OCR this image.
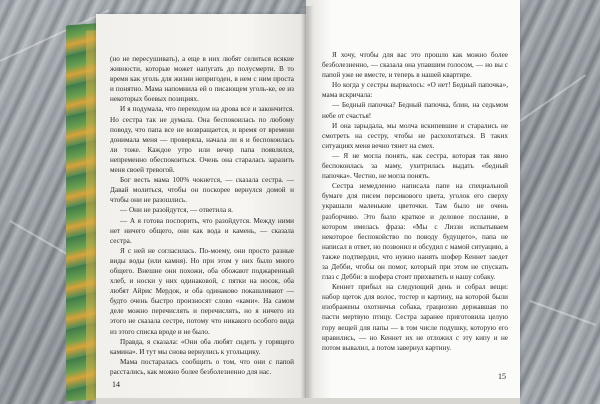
(но не пересушивать), а еще в них любят селиться всякие живности, которые может напугать до полусмерти. В то время как уголь для жизни непригоден, в нем с ним проста и понятно. Мама напомнила ей о писающем уголь-ке, ее из некоторых боевых позициях.

И я подумала, что переходом на дрова все и закончится. Но сестра так не думала. Она беспокоилась по любому поводу, что папа все не возвращается, и время от времени донимала меня — проверяла, начала ли я и беспокоилась ли тоже. Каждое утро или вечер папа появлялся, непременно обеспокоиться. Очень она старалась заразить меня своей тревогой.

Бог весть мама 100% чокнется, — сказала сестра. — Давай молиться, чтобы он поскорее вернулся домой и чтобы они не разошлись.

— Они не разойдутся, — ответила я.

— А я готова поспорить, что разойдутся. Между ними нет ничего общего, они как вода и камень, — сказала сестра.

Я с ней не согласилась. По-моему, они просто разные виды воды (или камня). Но при этом у них было много общего. Внешне они похожи, оба обожают поджаренный хлеб, и носки у них одинаковой, с пятки на носок, оба любят Айрис Мердок, и оба одинаково покашливают — будто очень быстро произносят слово «ками». На самом деле можно перечислять и перечислять, но я ничего из этого не сказала сестре, потому что никакого особого вида из этого списка вроде и не было.

Правда, я сказала: «Они оба любят сидеть у горящего камина». И тут мы снова вернулись к угольщику.

Мама постаралась сообщить о том, что они с папой расстались, как можно более безболезненно для нас.

14

Я хочу, чтобы для вас это прошло как можно более безболезненно, — сказала она упавшим голосом, — но вы с папой уже не вместе, и теперь в нашей квартире.

Но когда у сестры вырвалось: «О нет! Бедный папочка», мама вскричала:

— Бедный папочка? Бедный папочка, блин, на седьмом небе от счастья!

И она зарыдала, мы молча вскипевшие и старались не смотреть на сестру, чтобы не расхохотаться. В таких ситуациях меня вечно тянет на смех.

— Я не могла понять, как сестра, которая так явно беспокоилась за маму, ухитрилась выдать «бедный папочка». Честно, не могла понять.

Сестра немедленно написала папе на специальной бумаге для писем персикового цвета, уголок его сверху украшали маленькие цветочки. Там было не очень разборчиво. Это было краткое и деловое послание, в котором имелась фраза: «Мы с Лиззи испытываем некоторое беспокойство по поводу будущего», папа не написал в ответ, но позвонил и обсудил с мамой ситуацию, а также подтвердил, что нужно нанять шофер Кеннет заедет за Дебби, чтобы он помог, который при этом не спускать глаз с Дебби: в шофера стоит прихватить и нашу собаку.

Кеннет прибыл на следующий день и собрал вещи: набор щеток для волос, тостер и картину, на которой были изображены охотничья собака, грациозно державшая по пасти мертвую птицу. Сестра заранее приготовила целую гору вещей для папы — в том числе подушку, которую его нравились, — но Кеннет их не отложил с эту кипу и не потом вывалил, а потом завернул картину.

15
